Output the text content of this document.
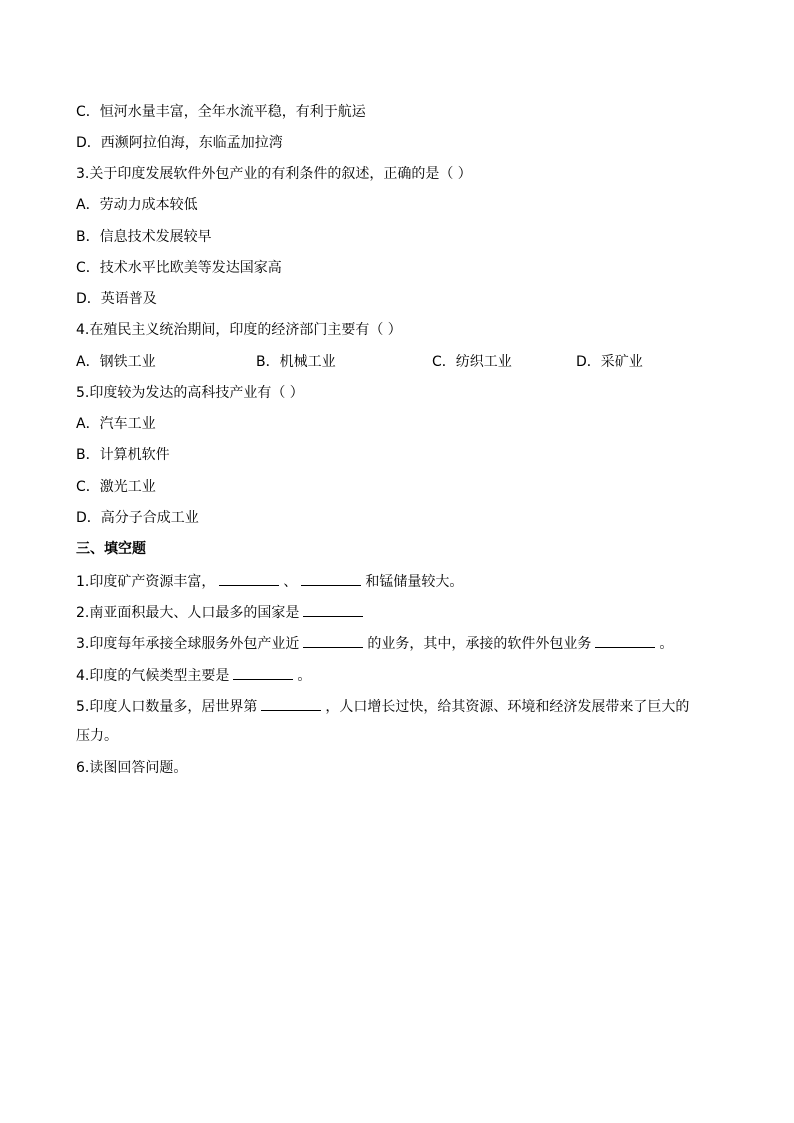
C．恒河水量丰富，全年水流平稳，有利于航运
D．西濒阿拉伯海，东临孟加拉湾
3.关于印度发展软件外包产业的有利条件的叙述，正确的是（ ）
A．劳动力成本较低
B．信息技术发展较早
C．技术水平比欧美等发达国家高
D．英语普及
4.在殖民主义统治期间，印度的经济部门主要有（ ）
A．钢铁工业	B．机械工业	C．纺织工业	D．采矿业
5.印度较为发达的高科技产业有（ ）
A．汽车工业
B．计算机软件
C．激光工业
D．高分子合成工业
三、填空题
1.印度矿产资源丰富，	、	和锰储量较大。
2.南亚面积最大、人口最多的国家是
3.印度每年承接全球服务外包产业近	的业务，其中，承接的软件外包业务	。
4.印度的气候类型主要是	。
5.印度人口数量多，居世界第	，人口增长过快，给其资源、环境和经济发展带来了巨大的
压力。
6.读图回答问题。
